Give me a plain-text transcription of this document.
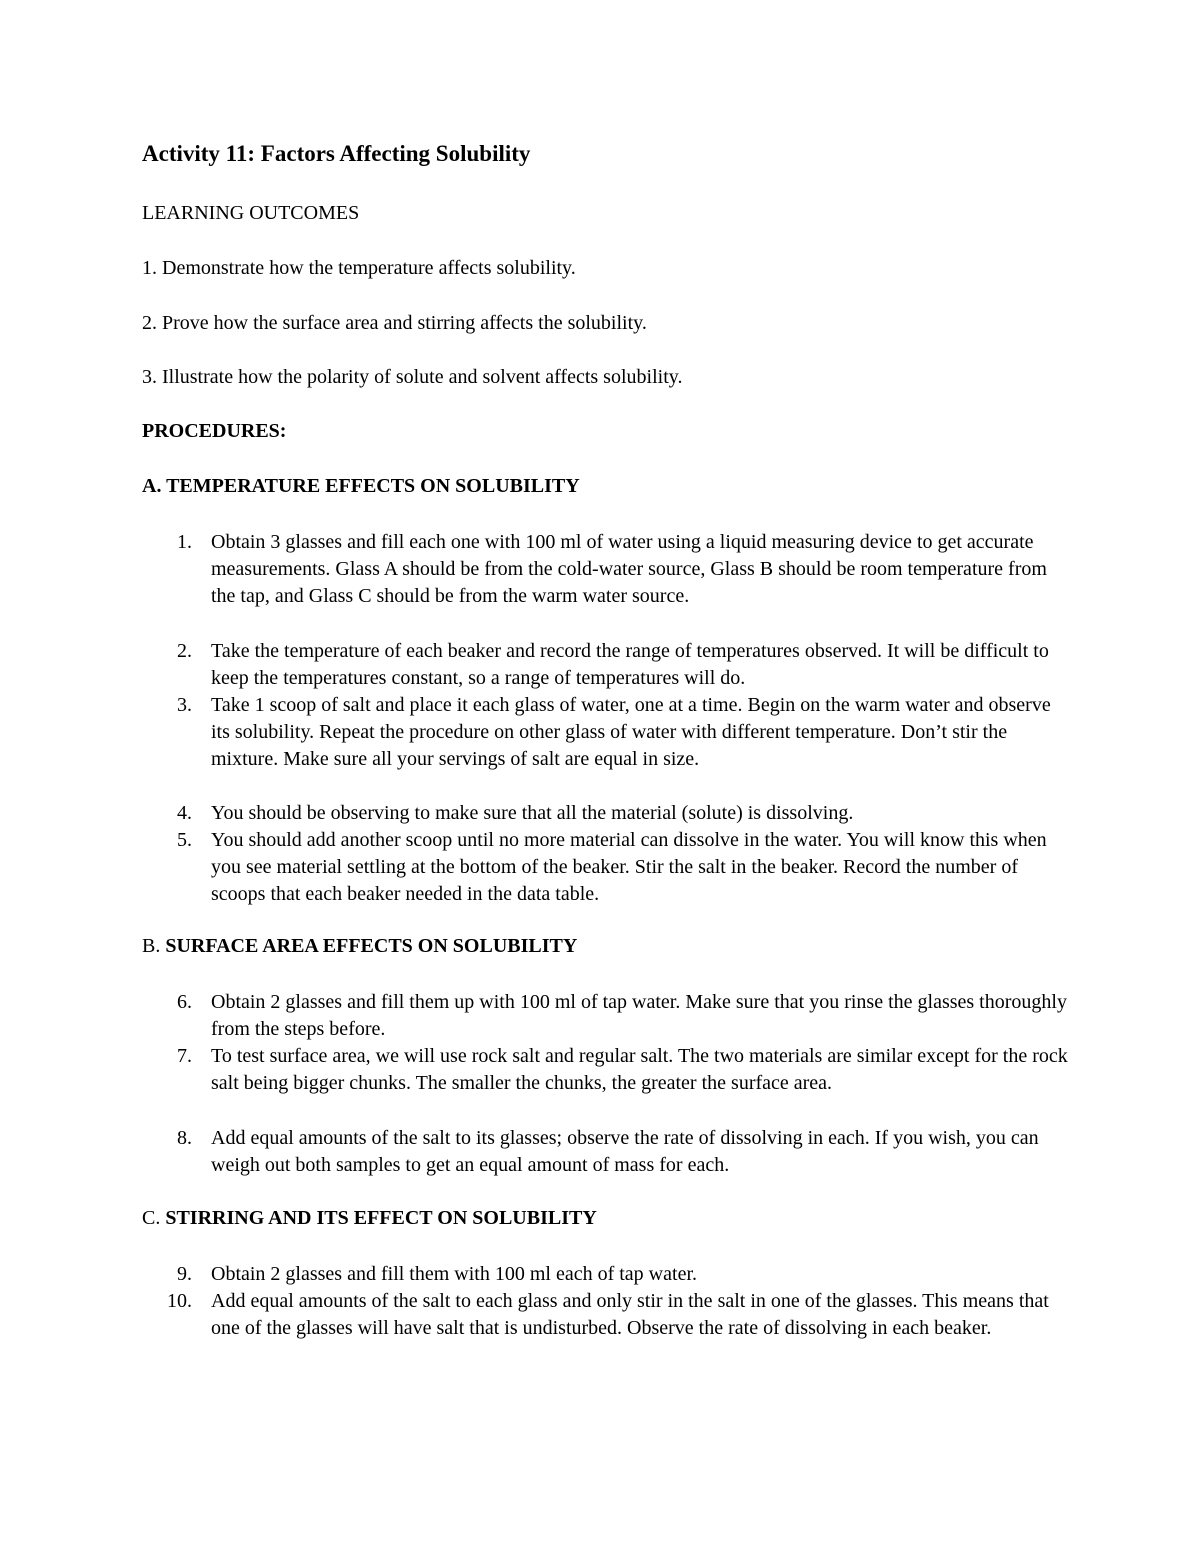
Activity 11: Factors Affecting Solubility
LEARNING OUTCOMES
1. Demonstrate how the temperature affects solubility.
2. Prove how the surface area and stirring affects the solubility.
3. Illustrate how the polarity of solute and solvent affects solubility.
PROCEDURES:
A. TEMPERATURE EFFECTS ON SOLUBILITY
1. Obtain 3 glasses and fill each one with 100 ml of water using a liquid measuring device to get accurate measurements. Glass A should be from the cold-water source, Glass B should be room temperature from the tap, and Glass C should be from the warm water source.
2. Take the temperature of each beaker and record the range of temperatures observed. It will be difficult to keep the temperatures constant, so a range of temperatures will do.
3. Take 1 scoop of salt and place it each glass of water, one at a time. Begin on the warm water and observe its solubility. Repeat the procedure on other glass of water with different temperature. Don’t stir the mixture. Make sure all your servings of salt are equal in size.
4. You should be observing to make sure that all the material (solute) is dissolving.
5. You should add another scoop until no more material can dissolve in the water. You will know this when you see material settling at the bottom of the beaker. Stir the salt in the beaker. Record the number of scoops that each beaker needed in the data table.
B. SURFACE AREA EFFECTS ON SOLUBILITY
6. Obtain 2 glasses and fill them up with 100 ml of tap water. Make sure that you rinse the glasses thoroughly from the steps before.
7. To test surface area, we will use rock salt and regular salt. The two materials are similar except for the rock salt being bigger chunks. The smaller the chunks, the greater the surface area.
8. Add equal amounts of the salt to its glasses; observe the rate of dissolving in each. If you wish, you can weigh out both samples to get an equal amount of mass for each.
C. STIRRING AND ITS EFFECT ON SOLUBILITY
9. Obtain 2 glasses and fill them with 100 ml each of tap water.
10. Add equal amounts of the salt to each glass and only stir in the salt in one of the glasses. This means that one of the glasses will have salt that is undisturbed. Observe the rate of dissolving in each beaker.
